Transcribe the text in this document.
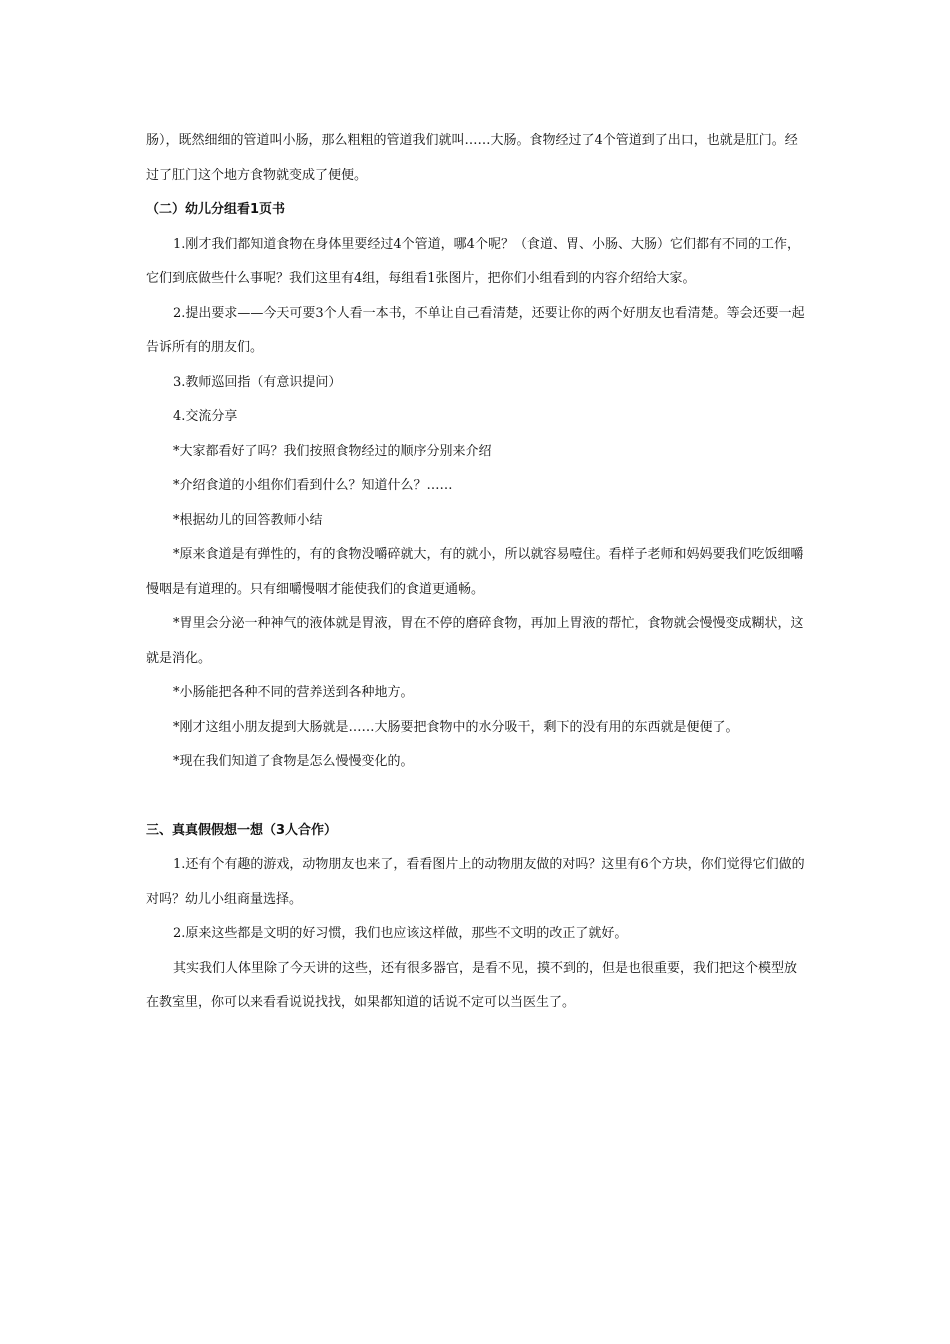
肠），既然细细的管道叫小肠，那么粗粗的管道我们就叫……大肠。食物经过了4个管道到了出口，也就是肛门。经过了肛门这个地方食物就变成了便便。

（二）幼儿分组看1页书

1.刚才我们都知道食物在身体里要经过4个管道，哪4个呢？（食道、胃、小肠、大肠）它们都有不同的工作，它们到底做些什么事呢？我们这里有4组，每组看1张图片，把你们小组看到的内容介绍给大家。

2.提出要求——今天可要3个人看一本书，不单让自己看清楚，还要让你的两个好朋友也看清楚。等会还要一起告诉所有的朋友们。

3.教师巡回指（有意识提问）

4.交流分享

*大家都看好了吗？我们按照食物经过的顺序分别来介绍

*介绍食道的小组你们看到什么？知道什么？……

*根据幼儿的回答教师小结

*原来食道是有弹性的，有的食物没嚼碎就大，有的就小，所以就容易噎住。看样子老师和妈妈要我们吃饭细嚼慢咽是有道理的。只有细嚼慢咽才能使我们的食道更通畅。

*胃里会分泌一种神气的液体就是胃液，胃在不停的磨碎食物，再加上胃液的帮忙，食物就会慢慢变成糊状，这就是消化。

*小肠能把各种不同的营养送到各种地方。

*刚才这组小朋友提到大肠就是……大肠要把食物中的水分吸干，剩下的没有用的东西就是便便了。

*现在我们知道了食物是怎么慢慢变化的。

三、真真假假想一想（3人合作）

1.还有个有趣的游戏，动物朋友也来了，看看图片上的动物朋友做的对吗？这里有6个方块，你们觉得它们做的对吗？幼儿小组商量选择。

2.原来这些都是文明的好习惯，我们也应该这样做，那些不文明的改正了就好。

其实我们人体里除了今天讲的这些，还有很多器官，是看不见，摸不到的，但是也很重要，我们把这个模型放在教室里，你可以来看看说说找找，如果都知道的话说不定可以当医生了。
